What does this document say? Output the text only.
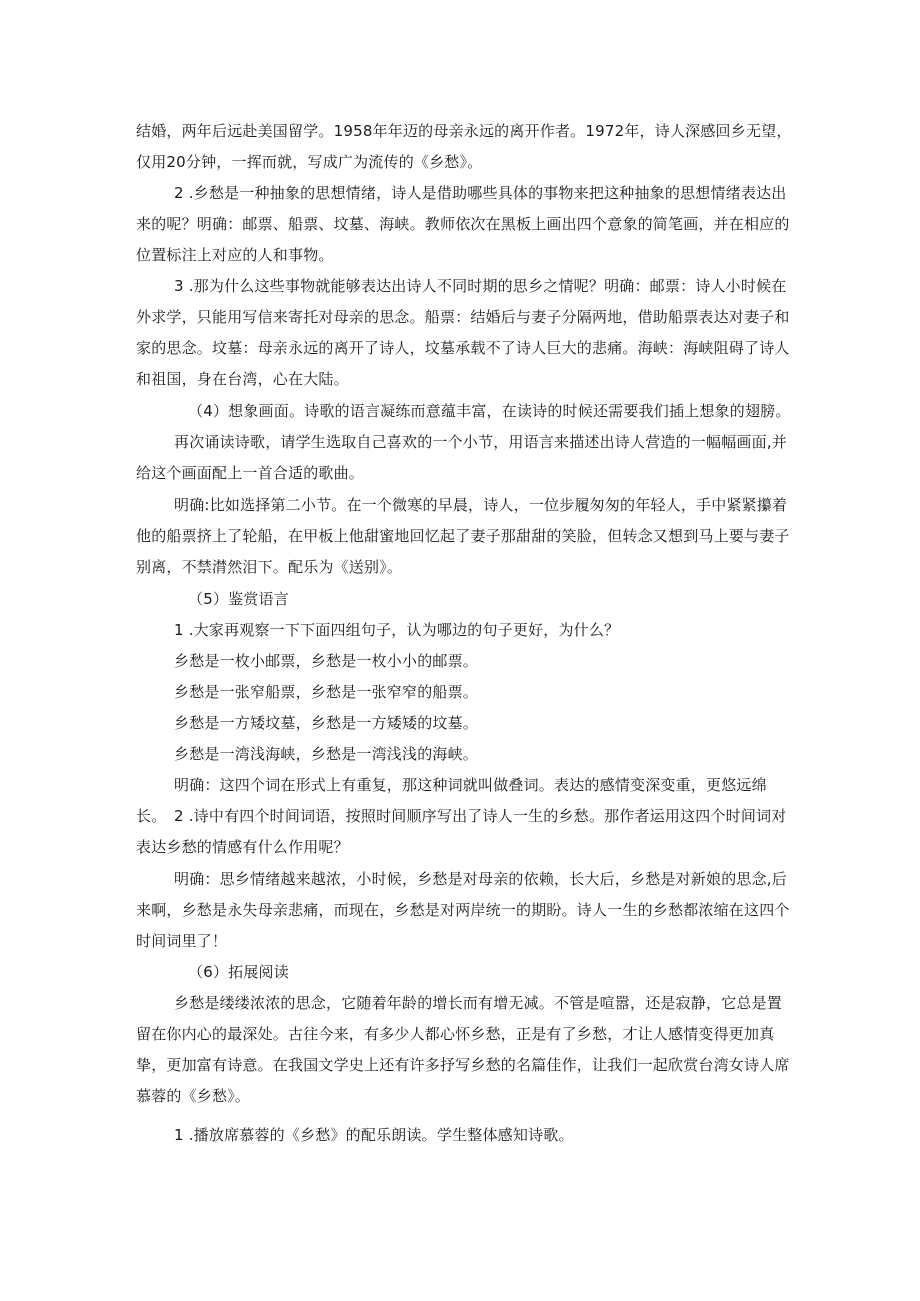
结婚，两年后远赴美国留学。1958年年迈的母亲永远的离开作者。1972年，诗人深感回乡无望，仅用20分钟，一挥而就，写成广为流传的《乡愁》。

2 .乡愁是一种抽象的思想情绪，诗人是借助哪些具体的事物来把这种抽象的思想情绪表达出来的呢？明确：邮票、船票、坟墓、海峡。教师依次在黑板上画出四个意象的简笔画，并在相应的位置标注上对应的人和事物。

3 .那为什么这些事物就能够表达出诗人不同时期的思乡之情呢？明确：邮票：诗人小时候在外求学，只能用写信来寄托对母亲的思念。船票：结婚后与妻子分隔两地，借助船票表达对妻子和家的思念。坟墓：母亲永远的离开了诗人，坟墓承载不了诗人巨大的悲痛。海峡：海峡阻碍了诗人和祖国，身在台湾，心在大陆。

（4）想象画面。诗歌的语言凝练而意蕴丰富，在读诗的时候还需要我们插上想象的翅膀。

再次诵读诗歌，请学生选取自己喜欢的一个小节，用语言来描述出诗人营造的一幅幅画面,并给这个画面配上一首合适的歌曲。

明确:比如选择第二小节。在一个微寒的早晨，诗人，一位步履匆匆的年轻人，手中紧紧攥着他的船票挤上了轮船，在甲板上他甜蜜地回忆起了妻子那甜甜的笑脸，但转念又想到马上要与妻子别离，不禁潸然泪下。配乐为《送别》。

（5）鉴赏语言

1 .大家再观察一下下面四组句子，认为哪边的句子更好，为什么？

乡愁是一枚小邮票，乡愁是一枚小小的邮票。

乡愁是一张窄船票，乡愁是一张窄窄的船票。

乡愁是一方矮坟墓，乡愁是一方矮矮的坟墓。

乡愁是一湾浅海峡，乡愁是一湾浅浅的海峡。

明确：这四个词在形式上有重复，那这种词就叫做叠词。表达的感情变深变重，更悠远绵长。 2 .诗中有四个时间词语，按照时间顺序写出了诗人一生的乡愁。那作者运用这四个时间词对表达乡愁的情感有什么作用呢？

明确：思乡情绪越来越浓，小时候，乡愁是对母亲的依赖，长大后，乡愁是对新娘的思念,后来啊，乡愁是永失母亲悲痛，而现在，乡愁是对两岸统一的期盼。诗人一生的乡愁都浓缩在这四个时间词里了！

（6）拓展阅读

乡愁是缕缕浓浓的思念，它随着年龄的增长而有增无减。不管是喧嚣，还是寂静，它总是置留在你内心的最深处。古往今来，有多少人都心怀乡愁，正是有了乡愁，才让人感情变得更加真挚，更加富有诗意。在我国文学史上还有许多抒写乡愁的名篇佳作，让我们一起欣赏台湾女诗人席慕蓉的《乡愁》。

1 .播放席慕蓉的《乡愁》的配乐朗读。学生整体感知诗歌。
